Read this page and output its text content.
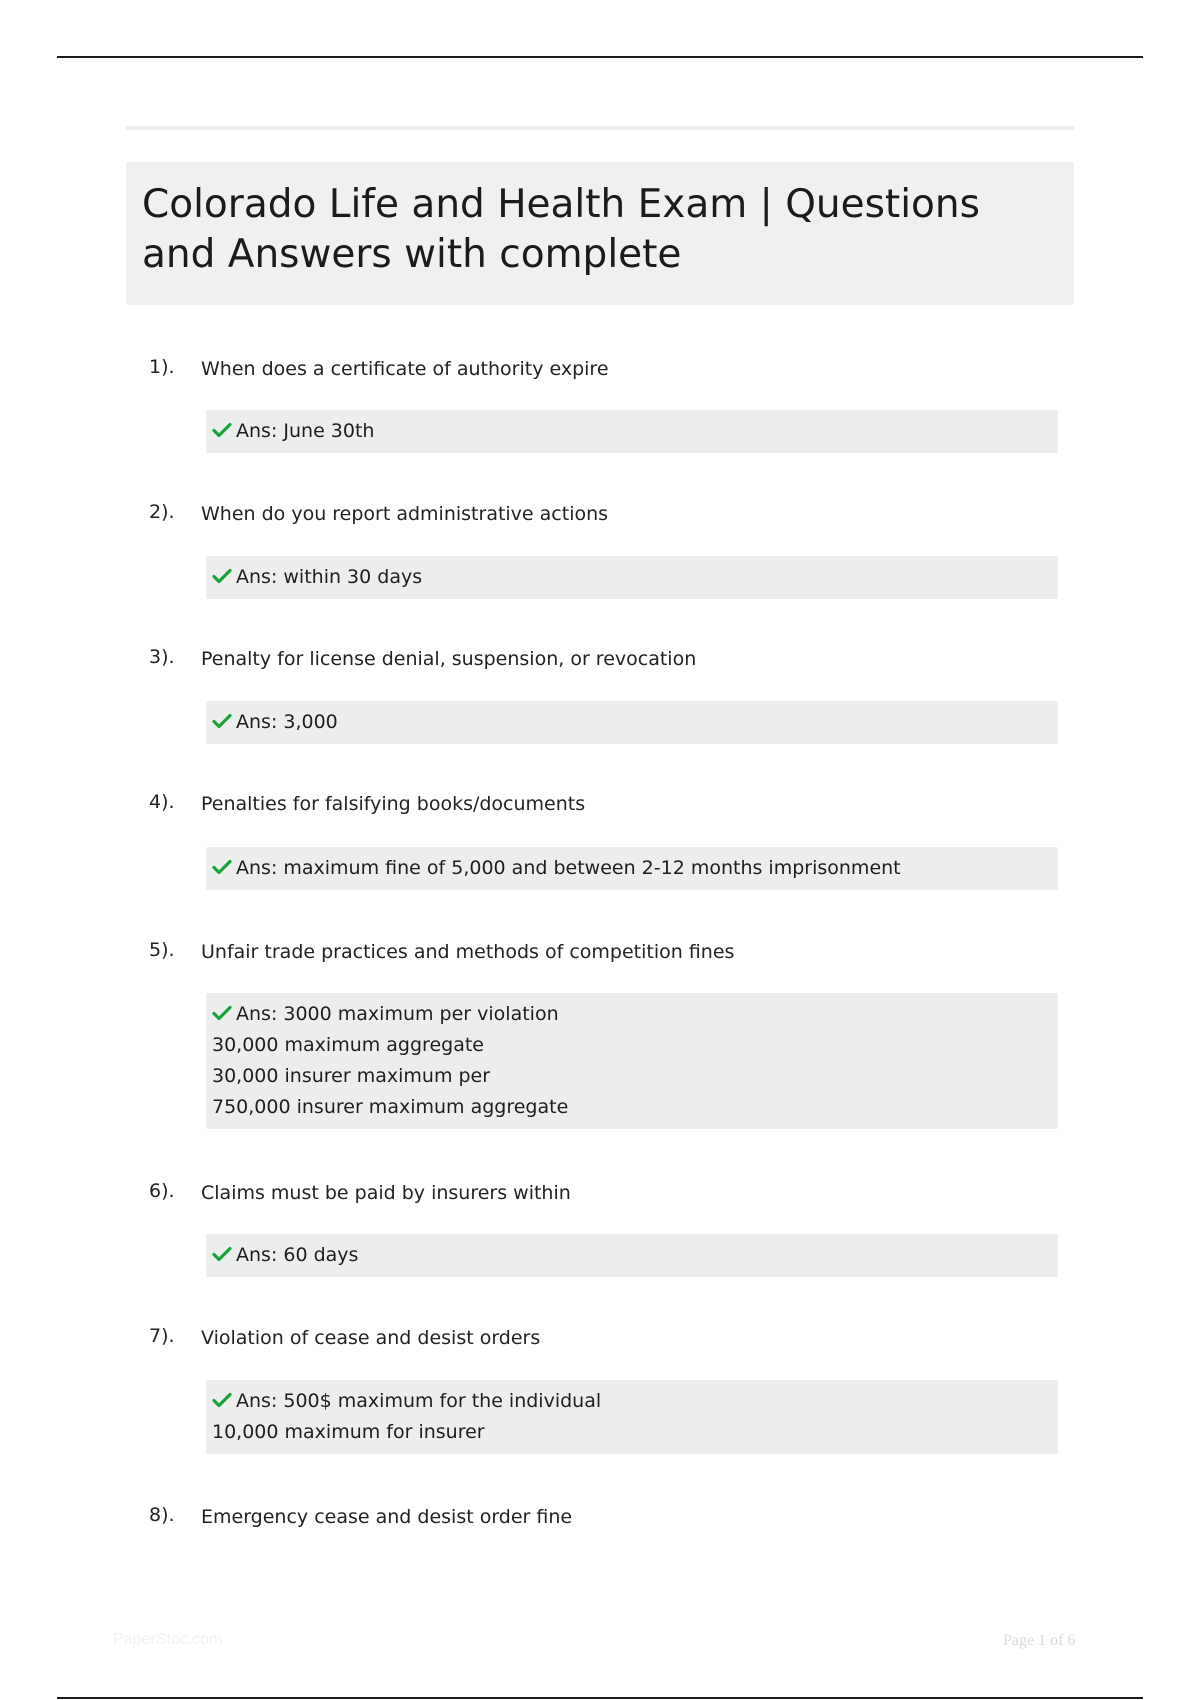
Colorado Life and Health Exam | Questions and Answers with complete
1). When does a certificate of authority expire
Ans: June 30th
2). When do you report administrative actions
Ans: within 30 days
3). Penalty for license denial, suspension, or revocation
Ans: 3,000
4). Penalties for falsifying books/documents
Ans: maximum fine of 5,000 and between 2-12 months imprisonment
5). Unfair trade practices and methods of competition fines
Ans: 3000 maximum per violation
30,000 maximum aggregate
30,000 insurer maximum per
750,000 insurer maximum aggregate
6). Claims must be paid by insurers within
Ans: 60 days
7). Violation of cease and desist orders
Ans: 500$ maximum for the individual
10,000 maximum for insurer
8). Emergency cease and desist order fine
PaperStoc.com	Page 1 of 6
